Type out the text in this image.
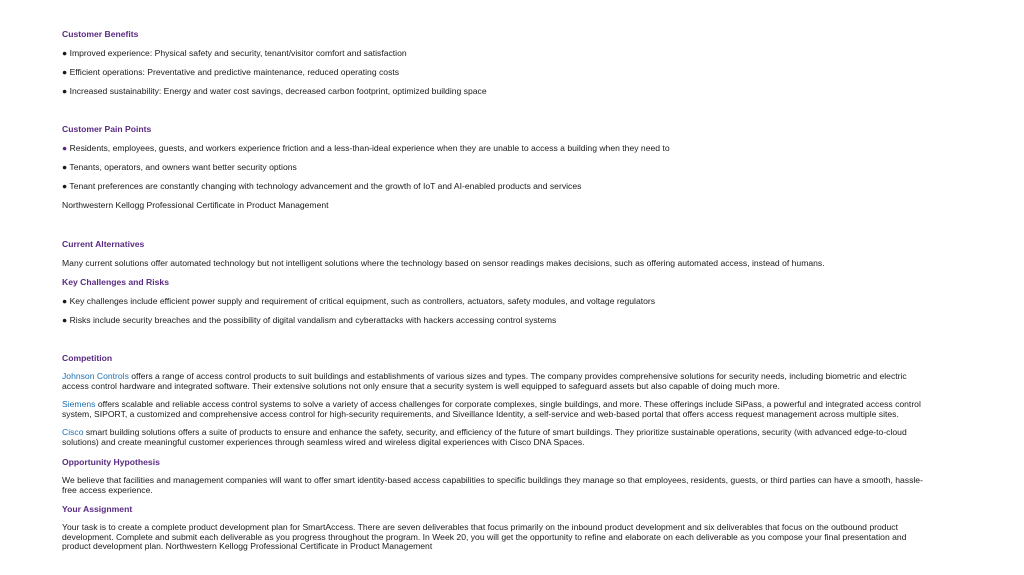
Customer Benefits
● Improved experience: Physical safety and security, tenant/visitor comfort and satisfaction
● Efficient operations: Preventative and predictive maintenance, reduced operating costs
● Increased sustainability: Energy and water cost savings, decreased carbon footprint, optimized building space
Customer Pain Points
● Residents, employees, guests, and workers experience friction and a less-than-ideal experience when they are unable to access a building when they need to
● Tenants, operators, and owners want better security options
● Tenant preferences are constantly changing with technology advancement and the growth of IoT and AI-enabled products and services
Northwestern Kellogg Professional Certificate in Product Management
Current Alternatives
Many current solutions offer automated technology but not intelligent solutions where the technology based on sensor readings makes decisions, such as offering automated access, instead of humans.
Key Challenges and Risks
● Key challenges include efficient power supply and requirement of critical equipment, such as controllers, actuators, safety modules, and voltage regulators
● Risks include security breaches and the possibility of digital vandalism and cyberattacks with hackers accessing control systems
Competition
Johnson Controls offers a range of access control products to suit buildings and establishments of various sizes and types. The company provides comprehensive solutions for security needs, including biometric and electric access control hardware and integrated software. Their extensive solutions not only ensure that a security system is well equipped to safeguard assets but also capable of doing much more.
Siemens offers scalable and reliable access control systems to solve a variety of access challenges for corporate complexes, single buildings, and more. These offerings include SiPass, a powerful and integrated access control system, SIPORT, a customized and comprehensive access control for high-security requirements, and Siveillance Identity, a self-service and web-based portal that offers access request management across multiple sites.
Cisco smart building solutions offers a suite of products to ensure and enhance the safety, security, and efficiency of the future of smart buildings. They prioritize sustainable operations, security (with advanced edge-to-cloud solutions) and create meaningful customer experiences through seamless wired and wireless digital experiences with Cisco DNA Spaces.
Opportunity Hypothesis
We believe that facilities and management companies will want to offer smart identity-based access capabilities to specific buildings they manage so that employees, residents, guests, or third parties can have a smooth, hassle-free access experience.
Your Assignment
Your task is to create a complete product development plan for SmartAccess. There are seven deliverables that focus primarily on the inbound product development and six deliverables that focus on the outbound product development. Complete and submit each deliverable as you progress throughout the program. In Week 20, you will get the opportunity to refine and elaborate on each deliverable as you compose your final presentation and product development plan. Northwestern Kellogg Professional Certificate in Product Management
